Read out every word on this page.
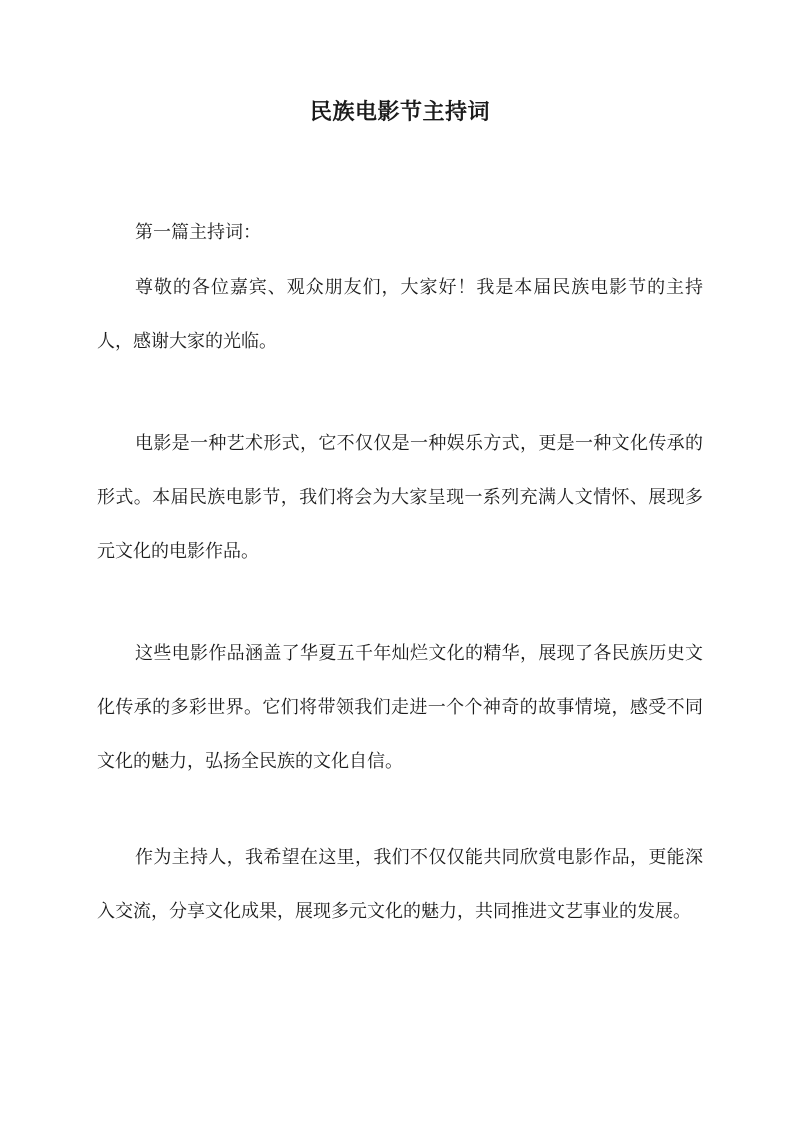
民族电影节主持词

第一篇主持词：

尊敬的各位嘉宾、观众朋友们，大家好！我是本届民族电影节的主持人，感谢大家的光临。

电影是一种艺术形式，它不仅仅是一种娱乐方式，更是一种文化传承的形式。本届民族电影节，我们将会为大家呈现一系列充满人文情怀、展现多元文化的电影作品。

这些电影作品涵盖了华夏五千年灿烂文化的精华，展现了各民族历史文化传承的多彩世界。它们将带领我们走进一个个神奇的故事情境，感受不同文化的魅力，弘扬全民族的文化自信。

作为主持人，我希望在这里，我们不仅仅能共同欣赏电影作品，更能深入交流，分享文化成果，展现多元文化的魅力，共同推进文艺事业的发展。
